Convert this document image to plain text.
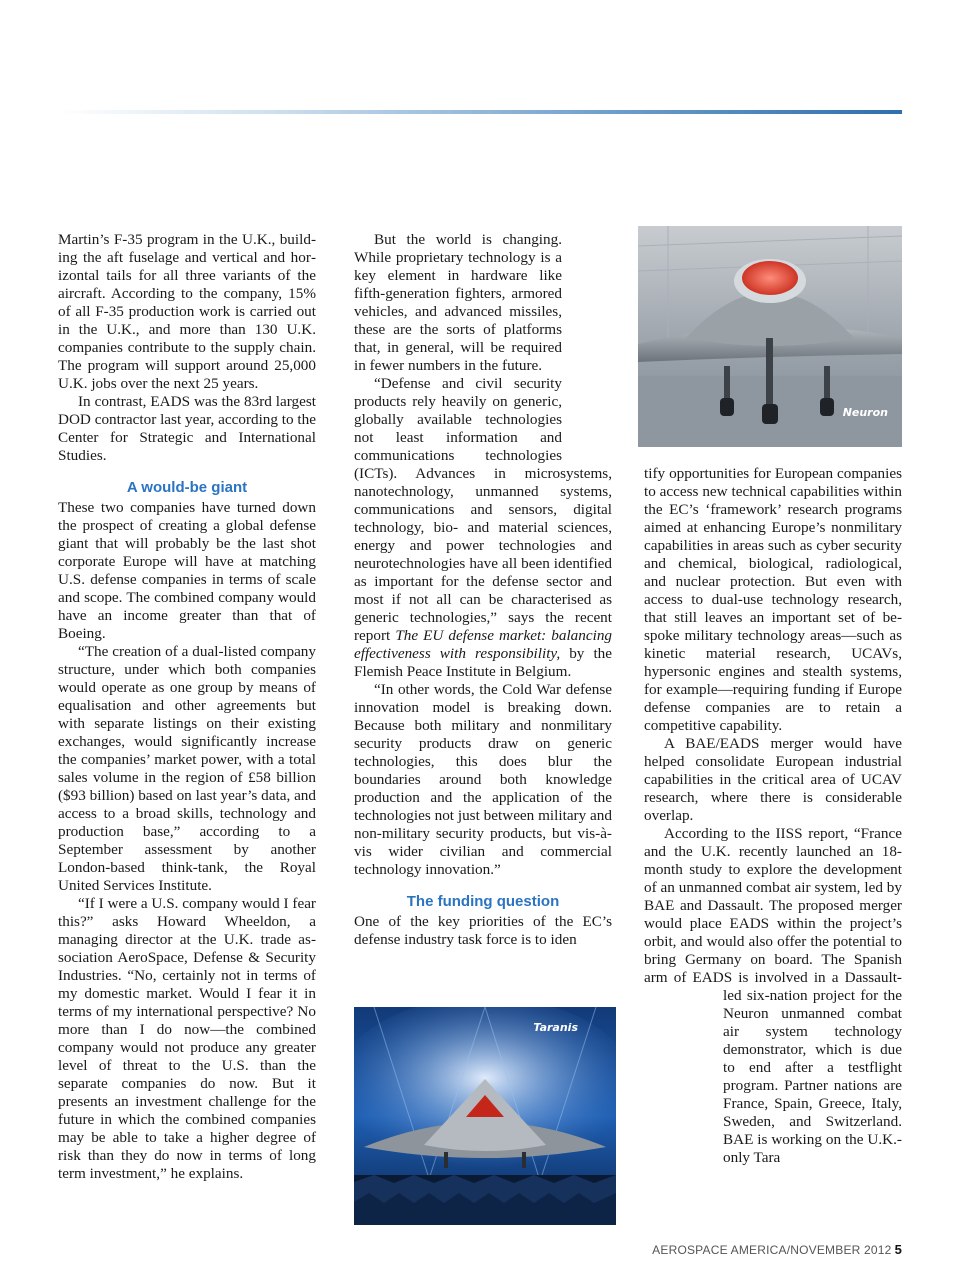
Martin’s F-35 program in the U.K., building the aft fuselage and vertical and horizontal tails for all three variants of the aircraft. According to the company, 15% of all F-35 production work is carried out in the U.K., and more than 130 U.K. companies contribute to the supply chain. The program will support around 25,000 U.K. jobs over the next 25 years.

In contrast, EADS was the 83rd largest DOD contractor last year, according to the Center for Strategic and International Studies.

A would-be giant

These two companies have turned down the prospect of creating a global defense giant that will probably be the last shot corporate Europe will have at matching U.S. defense companies in terms of scale and scope. The combined company would have an income greater than that of Boeing.

“The creation of a dual-listed company structure, under which both companies would operate as one group by means of equalisation and other agreements but with separate listings on their existing exchanges, would significantly increase the companies’ market power, with a total sales volume in the region of £58 billion ($93 billion) based on last year’s data, and access to a broad skills, technology and production base,” according to a September assessment by another London-based think-tank, the Royal United Services Institute.

“If I were a U.S. company would I fear this?” asks Howard Wheeldon, a managing director at the U.K. trade association AeroSpace, Defense & Security Industries. “No, certainly not in terms of my domestic market. Would I fear it in terms of my international perspective? No more than I do now—the combined company would not produce any greater level of threat to the U.S. than the separate companies do now. But it presents an investment challenge for the future in which the combined companies may be able to take a higher degree of risk than they do now in terms of long term investment,” he explains.

But the world is changing. While proprietary technology is a key element in hardware like fifth-generation fighters, armored vehicles, and advanced missiles, these are the sorts of platforms that, in general, will be required in fewer numbers in the future.

“Defense and civil security products rely heavily on generic, globally available technologies not least information and communications technologies (ICTs). Advances in microsystems, nanotechnology, unmanned systems, communications and sensors, digital technology, bio- and material sciences, energy and power technologies and neurotechnologies have all been identified as important for the defense sector and most if not all can be characterised as generic technologies,” says the recent report The EU defense market: balancing effectiveness with responsibility, by the Flemish Peace Institute in Belgium.

“In other words, the Cold War defense innovation model is breaking down. Because both military and nonmilitary security products draw on generic technologies, this does blur the boundaries around both knowledge production and the application of the technologies not just between military and non-military security products, but vis-à-vis wider civilian and commercial technology innovation.”

The funding question

One of the key priorities of the EC’s defense industry task force is to iden

tify opportunities for European companies to access new technical capabilities within the EC’s ‘framework’ research programs aimed at enhancing Europe’s nonmilitary capabilities in areas such as cyber security and chemical, biological, radiological, and nuclear protection. But even with access to dual-use technology research, that still leaves an important set of bespoke military technology areas—such as kinetic material research, UCAVs, hypersonic engines and stealth systems, for example—requiring funding if Europe defense companies are to retain a competitive capability.

A BAE/EADS merger would have helped consolidate European industrial capabilities in the critical area of UCAV research, where there is considerable overlap.

According to the IISS report, “France and the U.K. recently launched an 18-month study to explore the development of an unmanned combat air system, led by BAE and Dassault. The proposed merger would place EADS within the project’s orbit, and would also offer the potential to bring Germany on board. The Spanish arm of EADS is involved in a Dassault-led six-nation project for the Neuron unmanned combat air system technology demonstrator, which is due to end after a testflight program. Partner nations are France, Spain, Greece, Italy, Sweden, and Switzerland. BAE is working on the U.K.-only Tara

Neuron
Taranis
AEROSPACE AMERICA/NOVEMBER 2012 5
